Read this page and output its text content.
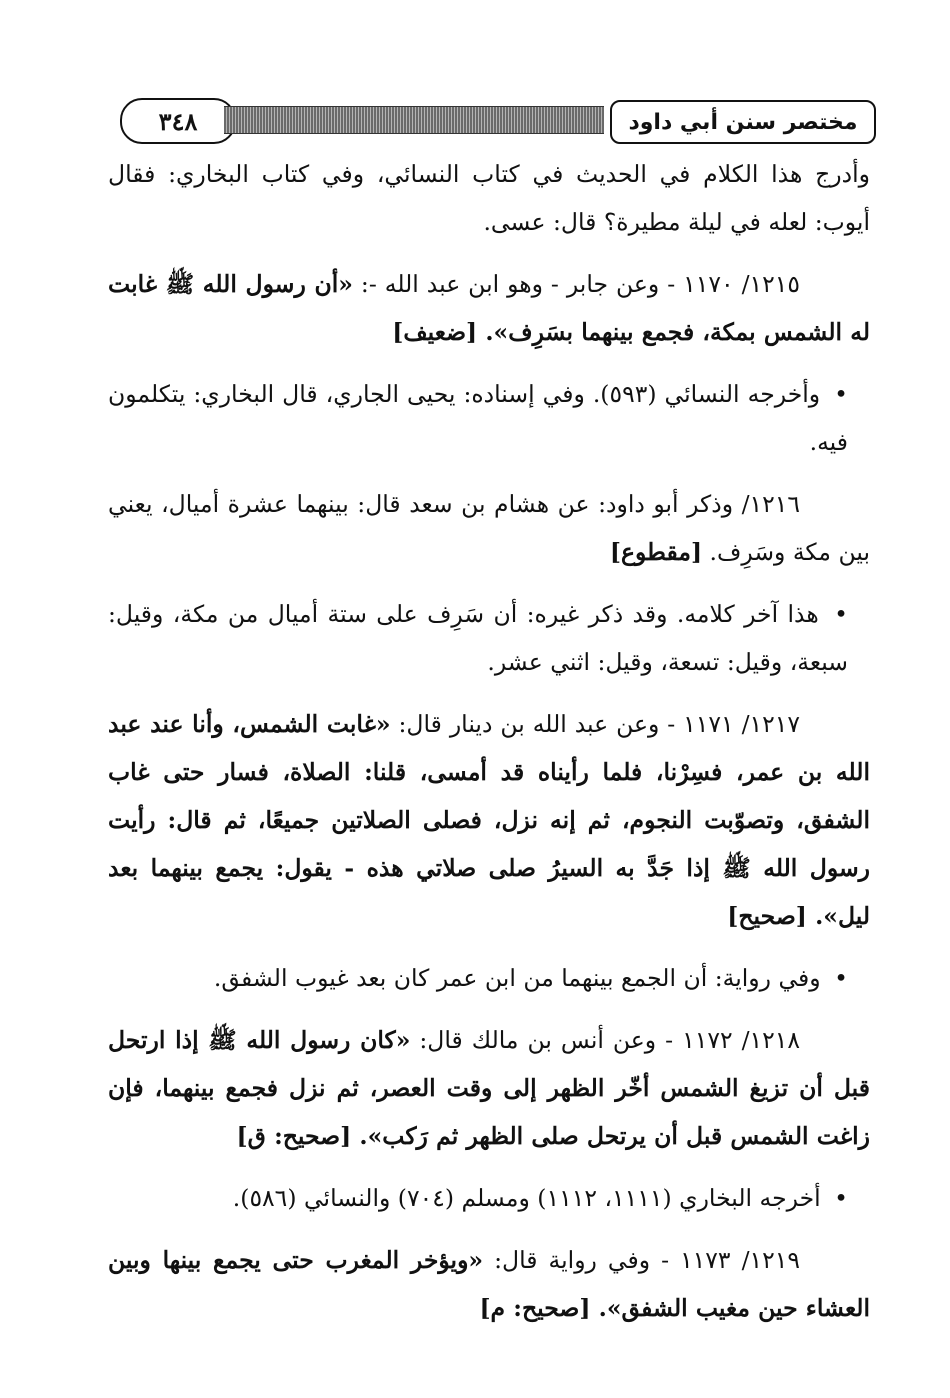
٣٤٨	مختصر سنن أبي داود

وأدرج هذا الكلام في الحديث في كتاب النسائي، وفي كتاب البخاري: فقال أيوب: لعله في ليلة مطيرة؟ قال: عسى.

١٢١٥/ ١١٧٠ - وعن جابر - وهو ابن عبد الله -: «أن رسول الله ﷺ غابت له الشمس بمكة، فجمع بينهما بسَرِف». [ضعيف]

• وأخرجه النسائي (٥٩٣). وفي إسناده: يحيى الجاري، قال البخاري: يتكلمون فيه.

١٢١٦/ وذكر أبو داود: عن هشام بن سعد قال: بينهما عشرة أميال، يعني بين مكة وسَرِف. [مقطوع]

• هذا آخر كلامه. وقد ذكر غيره: أن سَرِف على ستة أميال من مكة، وقيل: سبعة، وقيل: تسعة، وقيل: اثني عشر.

١٢١٧/ ١١٧١ - وعن عبد الله بن دينار قال: «غابت الشمس، وأنا عند عبد الله بن عمر، فسِرْنا، فلما رأيناه قد أمسى، قلنا: الصلاة، فسار حتى غاب الشفق، وتصوّبت النجوم، ثم إنه نزل، فصلى الصلاتين جميعًا، ثم قال: رأيت رسول الله ﷺ إذا جَدَّ به السيرُ صلى صلاتي هذه - يقول: يجمع بينهما بعد ليل». [صحيح]

• وفي رواية: أن الجمع بينهما من ابن عمر كان بعد غيوب الشفق.

١٢١٨/ ١١٧٢ - وعن أنس بن مالك قال: «كان رسول الله ﷺ إذا ارتحل قبل أن تزيغ الشمس أخّر الظهر إلى وقت العصر، ثم نزل فجمع بينهما، فإن زاغت الشمس قبل أن يرتحل صلى الظهر ثم رَكب». [صحيح: ق]

• أخرجه البخاري (١١١١، ١١١٢) ومسلم (٧٠٤) والنسائي (٥٨٦).

١٢١٩/ ١١٧٣ - وفي رواية قال: «ويؤخر المغرب حتى يجمع بينها وبين العشاء حين مغيب الشفق». [صحيح: م]
